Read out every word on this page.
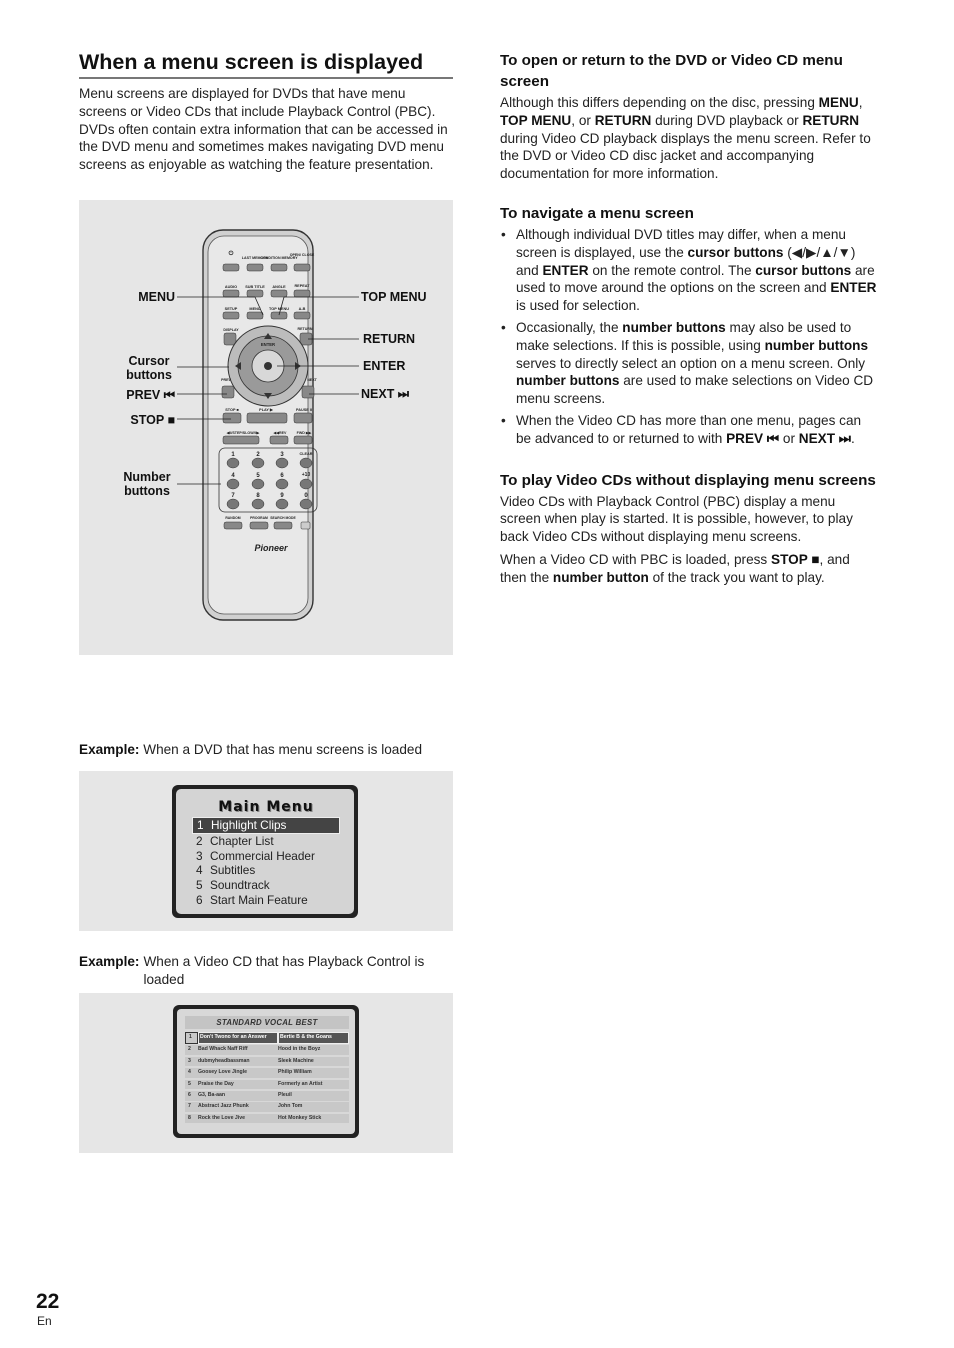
When a menu screen is displayed

Menu screens are displayed for DVDs that have menu screens or Video CDs that include Playback Control (PBC). DVDs often contain extra information that can be accessed in the DVD menu and sometimes makes navigating DVD menu screens as enjoyable as watching the feature presentation.

⏻
LAST MEMORY
CONDITION MEMORY
OPEN/ CLOSE
AUDIO SUB TITLE ANGLE REPEAT
SETUP	MENU TOP MENU	A-B
DISPLAY	RETURN
ENTER
PREV	NEXT
STOP ■	PLAY ▶	PAUSE II
◀II/STEP/SLOW/II▶	◀◀REV	FWD ▶▶
CLEAR
+10
1	2	3
4	5	6
7	8	9	0
RANDOM	PROGRAM SEARCH MODE
Pioneer
MENU
Cursor buttons
PREV ⏮
STOP ■
Number buttons
TOP MENU
RETURN
ENTER
NEXT ⏭
Example: When a DVD that has menu screens is loaded
Main Menu
1 Highlight Clips
2 Chapter List
3 Commercial Header
4 Subtitles
5 Soundtrack
6 Start Main Feature
Example: When a Video CD that has Playback Control is loaded
STANDARD VOCAL BEST
1	Don't Twono for an Answer	Bertie B & the Goans
2	Bad Whack Naff Riff	Hood in the Boyz
3	dubmyheadbassman	Sleek Machine
4	Goosey Love Jingle	Philip William
5	Praise the Day	Formerly an Artist
6	G3, Ba-aan	Pleuil
7	Abstract Jazz Phunk	John Tom
8	Rock the Love Jive	Hot Monkey Stick
To open or return to the DVD or Video CD menu screen

Although this differs depending on the disc, pressing MENU, TOP MENU, or RETURN during DVD playback or RETURN during Video CD playback displays the menu screen. Refer to the DVD or Video CD disc jacket and accompanying documentation for more information.

To navigate a menu screen
• Although individual DVD titles may differ, when a menu screen is displayed, use the cursor buttons (◀/▶/▲/▼) and ENTER on the remote control. The cursor buttons are used to move around the options on the screen and ENTER is used for selection.
• Occasionally, the number buttons may also be used to make selections. If this is possible, using number buttons serves to directly select an option on a menu screen. Only number buttons are used to make selections on Video CD menu screens.
• When the Video CD has more than one menu, pages can be advanced to or returned to with PREV ⏮ or NEXT ⏭.
To play Video CDs without displaying menu screens

Video CDs with Playback Control (PBC) display a menu screen when play is started. It is possible, however, to play back Video CDs without displaying menu screens.

When a Video CD with PBC is loaded, press STOP ■, and then the number button of the track you want to play.

22
En
